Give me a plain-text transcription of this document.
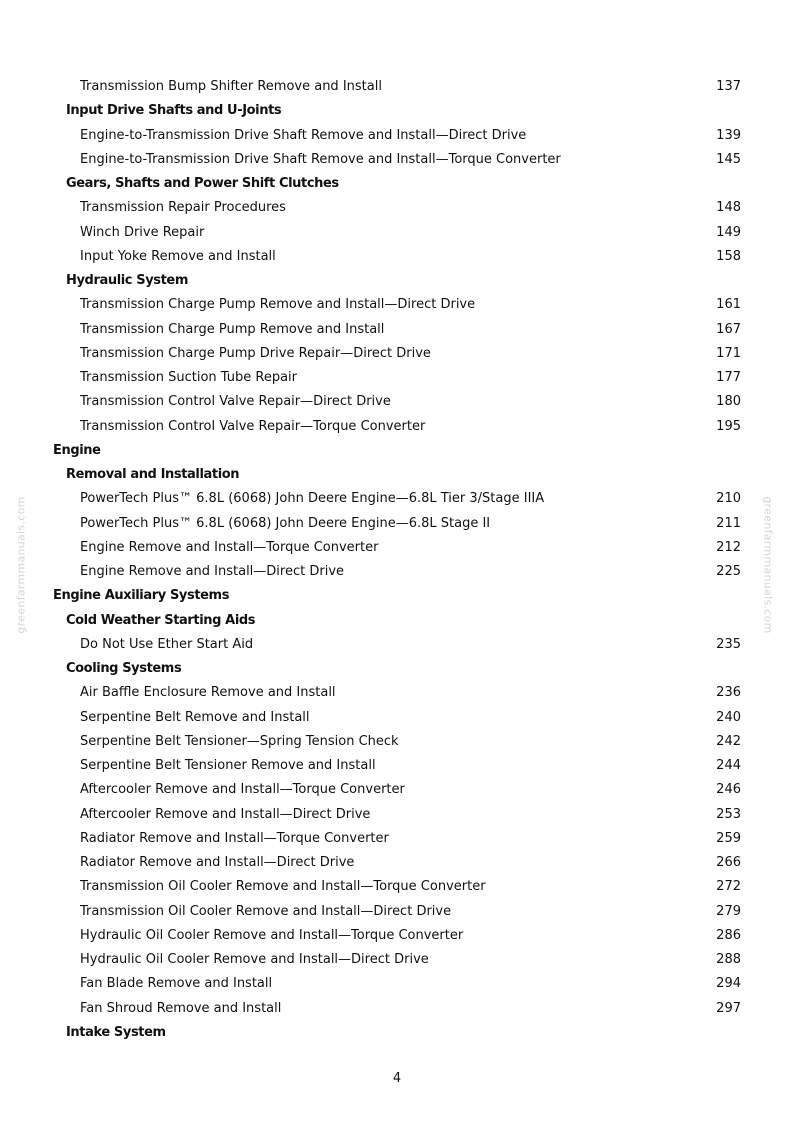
greenfarmmanuals.com	greenfarmmanuals.com
Transmission Bump Shifter Remove and Install	137
Input Drive Shafts and U-Joints
Engine-to-Transmission Drive Shaft Remove and Install—Direct Drive	139
Engine-to-Transmission Drive Shaft Remove and Install—Torque Converter	145
Gears, Shafts and Power Shift Clutches
Transmission Repair Procedures	148
Winch Drive Repair	149
Input Yoke Remove and Install	158
Hydraulic System
Transmission Charge Pump Remove and Install—Direct Drive	161
Transmission Charge Pump Remove and Install	167
Transmission Charge Pump Drive Repair—Direct Drive	171
Transmission Suction Tube Repair	177
Transmission Control Valve Repair—Direct Drive	180
Transmission Control Valve Repair—Torque Converter	195
Engine
Removal and Installation
PowerTech Plus™ 6.8L (6068) John Deere Engine—6.8L Tier 3/Stage IIIA	210
PowerTech Plus™ 6.8L (6068) John Deere Engine—6.8L Stage II	211
Engine Remove and Install—Torque Converter	212
Engine Remove and Install—Direct Drive	225
Engine Auxiliary Systems
Cold Weather Starting Aids
Do Not Use Ether Start Aid	235
Cooling Systems
Air Baffle Enclosure Remove and Install	236
Serpentine Belt Remove and Install	240
Serpentine Belt Tensioner—Spring Tension Check	242
Serpentine Belt Tensioner Remove and Install	244
Aftercooler Remove and Install—Torque Converter	246
Aftercooler Remove and Install—Direct Drive	253
Radiator Remove and Install—Torque Converter	259
Radiator Remove and Install—Direct Drive	266
Transmission Oil Cooler Remove and Install—Torque Converter	272
Transmission Oil Cooler Remove and Install—Direct Drive	279
Hydraulic Oil Cooler Remove and Install—Torque Converter	286
Hydraulic Oil Cooler Remove and Install—Direct Drive	288
Fan Blade Remove and Install	294
Fan Shroud Remove and Install	297
Intake System
4
